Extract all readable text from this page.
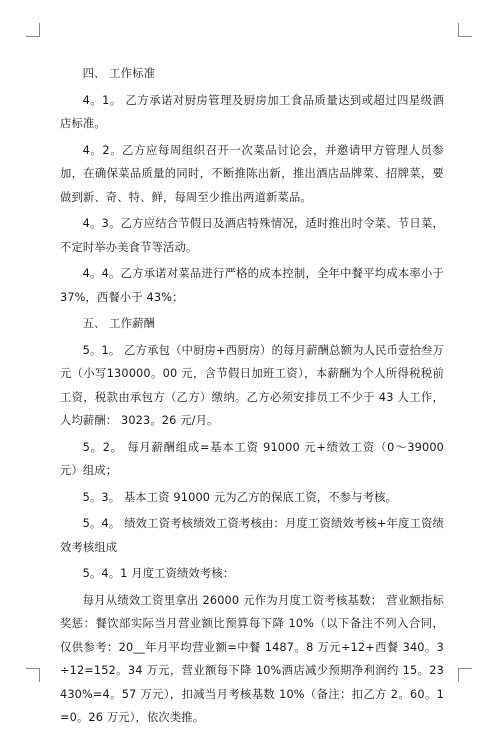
四、 工作标准

4。1。 乙方承诺对厨房管理及厨房加工食品质量达到或超过四星级酒店标准。

4。2。乙方应每周组织召开一次菜品讨论会，并邀请甲方管理人员参加，在确保菜品质量的同时，不断推陈出新，推出酒店品牌菜、招牌菜，要做到新、奇、特、鲜，每周至少推出两道新菜品。

4。3。乙方应结合节假日及酒店特殊情况，适时推出时令菜、节日菜，不定时举办美食节等活动。

4。4。乙方承诺对菜品进行严格的成本控制，全年中餐平均成本率小于 37%，西餐小于 43%；

五、 工作薪酬

5。1。 乙方承包（中厨房+西厨房）的每月薪酬总额为人民币壹拾叁万元（小写130000。00 元，含节假日加班工资），本薪酬为个人所得税税前工资，税款由承包方（乙方）缴纳。乙方必须安排员工不少于 43 人工作，人均薪酬： 3023。26 元/月。

5。2。 每月薪酬组成=基本工资 91000 元+绩效工资（0～39000 元）组成；

5。3。 基本工资 91000 元为乙方的保底工资，不参与考核。

5。4。 绩效工资考核绩效工资考核由：月度工资绩效考核+年度工资绩效考核组成

5。4。1 月度工资绩效考核：

每月从绩效工资里拿出 26000 元作为月度工资考核基数； 营业额指标奖惩：餐饮部实际当月营业额比预算每下降 10%（以下备注不列入合同，仅供参考：20__年月平均营业额=中餐 1487。8 万元÷12+西餐 340。3÷12=152。34 万元，营业额每下降 10%酒店减少预期净利润约 15。23430%=4。57 万元），扣减当月考核基数 10%（备注：扣乙方 2。60。1=0。26 万元），依次类推。
